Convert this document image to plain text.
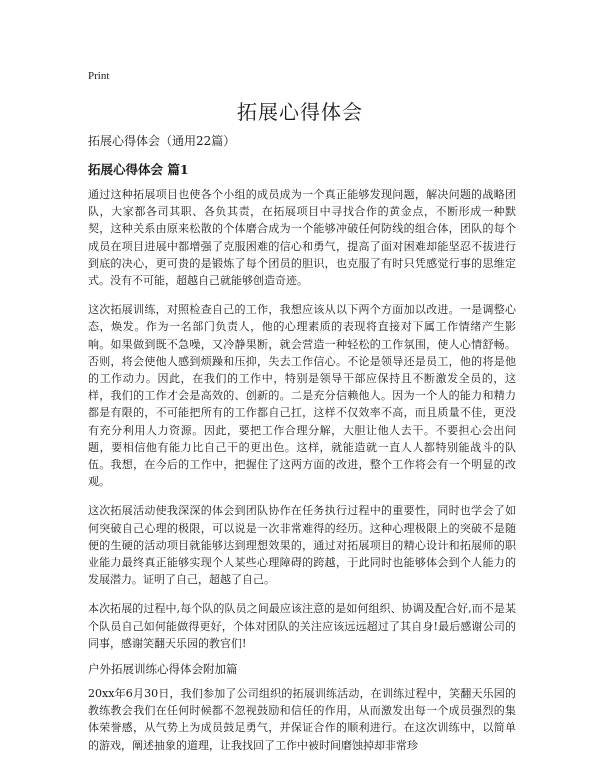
Print
拓展心得体会

拓展心得体会（通用22篇）

拓展心得体会 篇1

通过这种拓展项目也使各个小组的成员成为一个真正能够发现问题，解决问题的战略团队，大家都各司其职、各负其责，在拓展项目中寻找合作的黄金点，不断形成一种默契，这种关系由原来松散的个体磨合成为一个能够冲破任何防线的组合体，团队的每个成员在项目进展中都增强了克服困难的信心和勇气，提高了面对困难却能坚忍不拔进行到底的决心，更可贵的是锻炼了每个团员的胆识，也克服了有时只凭感觉行事的思维定式。没有不可能，超越自己就能够创造奇迹。

这次拓展训练，对照检查自己的工作，我想应该从以下两个方面加以改进。一是调整心态，焕发。作为一名部门负责人，他的心理素质的表现将直接对下属工作情绪产生影响。如果做到既不急噪，又冷静果断，就会营造一种轻松的工作氛围，使人心情舒畅。否则，将会使他人感到烦躁和压抑，失去工作信心。不论是领导还是员工，他的将是他的工作动力。因此，在我们的工作中，特别是领导干部应保持且不断激发全员的，这样，我们的工作才会是高效的、创新的。二是充分信赖他人。因为一个人的能力和精力都是有限的，不可能把所有的工作都自己扛，这样不仅效率不高，而且质量不佳，更没有充分利用人力资源。因此，要把工作合理分解，大胆让他人去干。不要担心会出问题，要相信他有能力比自己干的更出色。这样，就能造就一直人人都特别能战斗的队伍。我想，在今后的工作中，把握住了这两方面的改进，整个工作将会有一个明显的改观。

这次拓展活动使我深深的体会到团队协作在任务执行过程中的重要性，同时也学会了如何突破自己心理的极限，可以说是一次非常难得的经历。这种心理极限上的突破不是随便的生硬的活动项目就能够达到理想效果的，通过对拓展项目的精心设计和拓展师的职业能力最终真正能够实现个人某些心理障碍的跨越，于此同时也能够体会到个人能力的发展潜力。证明了自己，超越了自己。

本次拓展的过程中,每个队的队员之间最应该注意的是如何组织、协调及配合好,而不是某个队员自己如何能做得更好，个体对团队的关注应该远远超过了其自身!最后感谢公司的同事，感谢笑翻天乐园的教官们!

户外拓展训练心得体会附加篇

20xx年6月30日，我们参加了公司组织的拓展训练活动，在训练过程中，笑翻天乐园的教练教会我们在任何时候都不忽视鼓励和信任的作用，从而激发出每一个成员强烈的集体荣誉感，从气势上为成员鼓足勇气，并保证合作的顺利进行。在这次训练中，以简单的游戏，阐述抽象的道理，让我找回了工作中被时间磨蚀掉却非常珍
